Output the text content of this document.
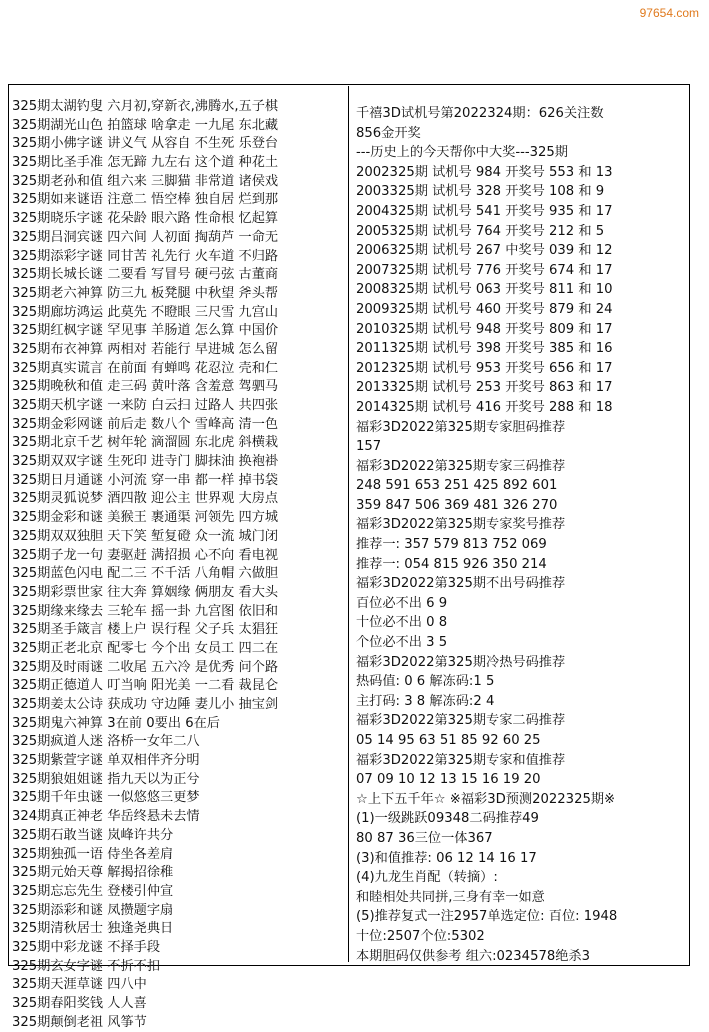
97654.com
325期太湖钓叟 六月初,穿新衣,沸腾水,五子棋
325期湖光山色 拍篮球 啥拿走 一九尾 东北藏
325期小佛字谜 讲义气 从容自 不生死 乐登台
325期比圣手准 怎无蹄 九左右 这个道 种花土
325期老孙和值 组六来 三脚猫 非常道 诸侯戏
325期如来谜语 注意二 悟空棒 独自居 烂到那
325期晓乐字谜 花朵龄 眼六路 性命根 忆起算
325期吕洞宾谜 四六间 人初面 掏葫芦 一命无
325期添彩字谜 同甘苦 礼先行 火车道 不归路
325期长城长谜 二要看 写冒号 硬弓弦 古董商
325期老六神算 防三九 板凳腿 中秋望 斧头帮
325期廊坊鸿运 此莫先 不瞪眼 三尺雪 九宫山
325期红枫字谜 罕见事 羊肠道 怎么算 中国价
325期布衣神算 两相对 若能行 早进城 怎么留
325期真实谎言 在前面 有蝉鸣 花忍泣 壳和仁
325期晚秋和值 走三码 黄叶落 含羞意 驾驷马
325期天机字谜 一来防 白云扫 过路人 共四张
325期金彩网谜 前后走 数八个 雪峰高 清一色
325期北京千艺 树年轮 滴溜圆 东北虎 斜横栽
325期双双字谜 生死印 进寺门 脚抹油 换袍褂
325期日月通谜 小河流 穿一串 都一样 掉书袋
325期灵狐说梦 酒四散 迎公主 世界观 大房点
325期金彩和谜 美猴王 裹通渠 河领先 四方城
325期双双独胆 天下笑 堑复磴 众一流 城门闭
325期子龙一句 妻驱赶 满招损 心不向 看电视
325期蓝色闪电 配二三 不千活 八角帽 六做胆
325期彩票世家 往大奔 算姻缘 俩朋友 看大头
325期缘来缘去 三轮车 摇一卦 九宫图 依旧和
325期圣手箴言 楼上户 误行程 父子兵 太猖狂
325期正老北京 配零七 今个出 女员工 四二在
325期及时雨谜 二收尾 五六冷 是优秀 问个路
325期正德道人 叮当响 阳光美 一二看 裁昆仑
325期姜太公诗 获成功 守边陲 妻儿小 抽宝剑
325期鬼六神算 3在前 0要出 6在后
325期疯道人迷 洛桥一女年二八
325期紫萱字谜 单双相伴齐分明
325期狼姐姐谜 指九天以为正兮
325期千年虫谜 一似悠悠三更梦
324期真正神老 华岳终悬未去情
325期石敢当谜 岚峰许共分
325期独孤一语 侍坐各差肩
325期元始天尊 解揭招徐稚
325期忘忘先生 登楼引仲宣
325期添彩和谜 凤攒题字扇
325期清秋居士 独逢尧典日
325期中彩龙谜 不择手段
325期玄女字谜 不折不扣
325期天涯草谜 四八中
325期春阳奖钱 人人喜
325期颠倒老祖 风筝节
千禧3D试机号第2022324期：626关注数
856金开奖
---历史上的今天帮你中大奖---325期
2002325期 试机号 984 开奖号 553 和 13
2003325期 试机号 328 开奖号 108 和 9
2004325期 试机号 541 开奖号 935 和 17
2005325期 试机号 764 开奖号 212 和 5
2006325期 试机号 267 中奖号 039 和 12
2007325期 试机号 776 开奖号 674 和 17
2008325期 试机号 063 开奖号 811 和 10
2009325期 试机号 460 开奖号 879 和 24
2010325期 试机号 948 开奖号 809 和 17
2011325期 试机号 398 开奖号 385 和 16
2012325期 试机号 953 开奖号 656 和 17
2013325期 试机号 253 开奖号 863 和 17
2014325期 试机号 416 开奖号 288 和 18
福彩3D2022第325期专家胆码推荐
157
福彩3D2022第325期专家三码推荐
248 591 653 251 425 892 601
359 847 506 369 481 326 270
福彩3D2022第325期专家奖号推荐
推荐一: 357 579 813 752 069
推荐一: 054 815 926 350 214
福彩3D2022第325期不出号码推荐
百位必不出 6 9
十位必不出 0 8
个位必不出 3 5
福彩3D2022第325期冷热号码推荐
热码值: 0 6 解冻码:1 5
主打码: 3 8 解冻码:2 4
福彩3D2022第325期专家二码推荐
05 14 95 63 51 85 92 60 25
福彩3D2022第325期专家和值推荐
07 09 10 12 13 15 16 19 20
☆上下五千年☆ ※福彩3D预测2022325期※
(1)一级跳跃09348二码推荐49
80 87 36三位一体367
(3)和值推荐: 06 12 14 16 17
(4)九龙生肖配（转摘）:
和睦相处共同拼,三身有幸一如意
(5)推荐复式一注2957单选定位: 百位: 1948
十位:2507个位:5302
本期胆码仅供参考 组六:0234578绝杀3
